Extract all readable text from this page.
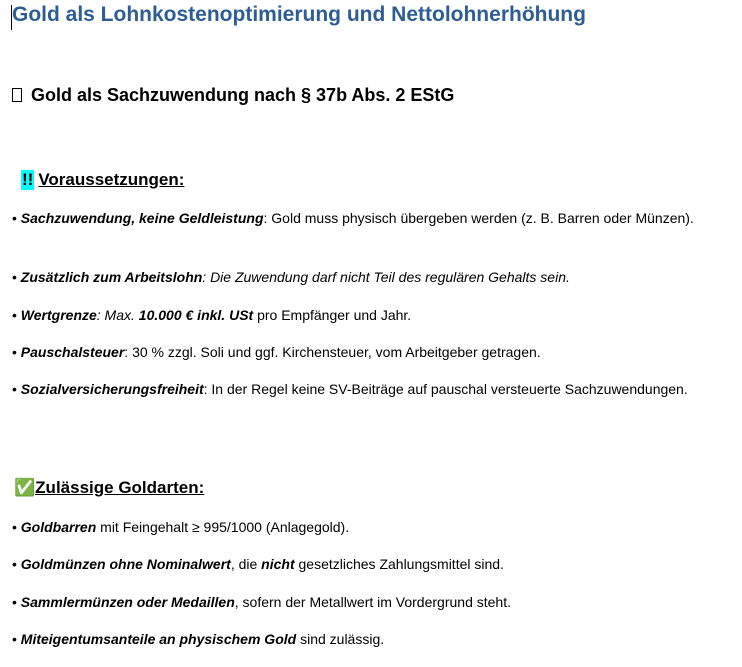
Gold als Lohnkostenoptimierung und Nettolohnerhöhung
Gold als Sachzuwendung nach § 37b Abs. 2 EStG
!! Voraussetzungen:

• Sachzuwendung, keine Geldleistung: Gold muss physisch übergeben werden (z. B. Barren oder Münzen).

• Zusätzlich zum Arbeitslohn: Die Zuwendung darf nicht Teil des regulären Gehalts sein.

• Wertgrenze: Max. 10.000 € inkl. USt pro Empfänger und Jahr.

• Pauschalsteuer: 30 % zzgl. Soli und ggf. Kirchensteuer, vom Arbeitgeber getragen.

• Sozialversicherungsfreiheit: In der Regel keine SV-Beiträge auf pauschal versteuerte Sachzuwendungen.

✅Zulässige Goldarten:

• Goldbarren mit Feingehalt ≥ 995/1000 (Anlagegold).

• Goldmünzen ohne Nominalwert, die nicht gesetzliches Zahlungsmittel sind.

• Sammlermünzen oder Medaillen, sofern der Metallwert im Vordergrund steht.

• Miteigentumsanteile an physischem Gold sind zulässig.
